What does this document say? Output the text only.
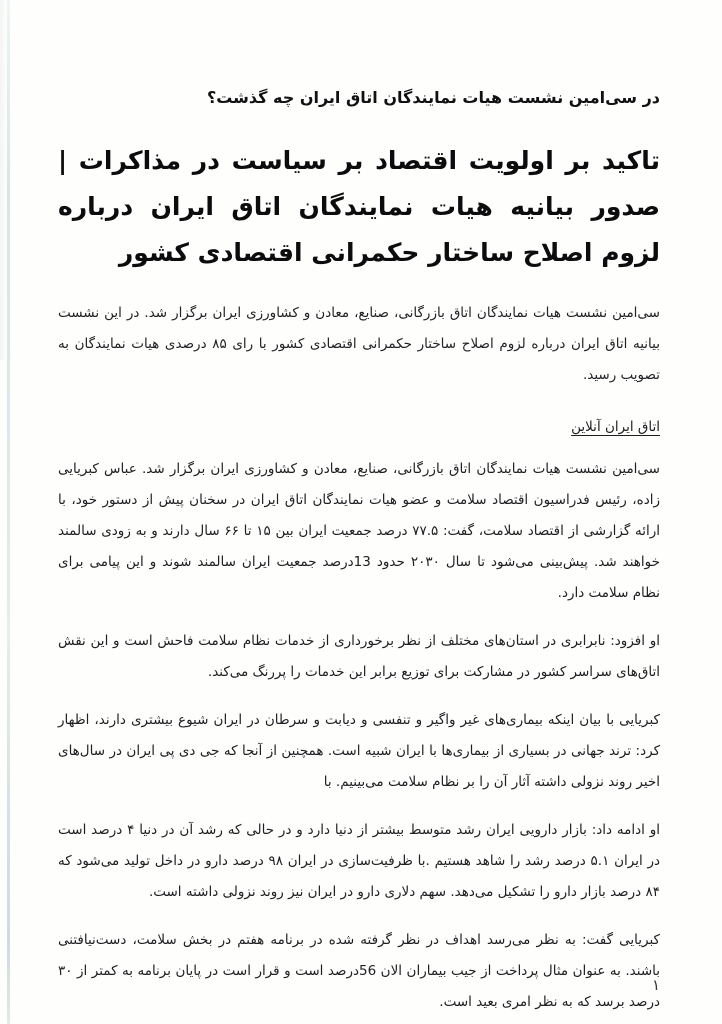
در سی‌امین نشست هیات نمایندگان اتاق ایران چه گذشت؟
تاکید بر اولویت اقتصاد بر سیاست در مذاکرات | صدور بیانیه هیات نمایندگان اتاق ایران درباره لزوم اصلاح ساختار حکمرانی اقتصادی کشور

سی‌امین نشست هیات نمایندگان اتاق بازرگانی، صنایع، معادن و کشاورزی ایران برگزار شد. در این نشست بیانیه اتاق ایران درباره لزوم اصلاح ساختار حکمرانی اقتصادی کشور با رای ۸۵ درصدی هیات نمایندگان به تصویب رسید.

اتاق ایران آنلاین

سی‌امین نشست هیات نمایندگان اتاق بازرگانی، صنایع، معادن و کشاورزی ایران برگزار شد. عباس کبریایی زاده، رئیس فدراسیون اقتصاد سلامت و عضو هیات نمایندگان اتاق ایران در سخنان پیش از دستور خود، با ارائه گزارشی از اقتصاد سلامت، گفت: ۷۷.۵ درصد جمعیت ایران بین ۱۵ تا ۶۶ سال دارند و به زودی سالمند خواهند شد. پیش‌بینی می‌شود تا سال ۲۰۳۰ حدود 13درصد جمعیت ایران سالمند شوند و این پیامی برای نظام سلامت دارد.

او افزود: نابرابری در استان‌های مختلف از نظر برخورداری از خدمات نظام سلامت فاحش است و این نقش اتاق‌های سراسر کشور در مشارکت برای توزیع برابر این خدمات را پررنگ می‌کند.

کبریایی با بیان اینکه بیماری‌های غیر واگیر و تنفسی و دیابت و سرطان در ایران شیوع بیشتری دارند، اظهار کرد: ترند جهانی در بسیاری از بیماری‌ها با ایران شبیه است. همچنین از آنجا که جی دی پی ایران در سال‌های اخیر روند نزولی داشته آثار آن را بر نظام سلامت می‌بینیم. با

او ادامه داد: بازار دارویی ایران رشد متوسط بیشتر از دنیا دارد و در حالی که رشد آن در دنیا ۴ درصد است در ایران ۵.۱ درصد رشد را شاهد هستیم .با ظرفیت‌سازی در ایران ۹۸ درصد دارو در داخل تولید می‌شود که ۸۴ درصد بازار دارو را تشکیل می‌دهد. سهم دلاری دارو در ایران نیز روند نزولی داشته است.

کبریایی گفت: به نظر می‌رسد اهداف در نظر گرفته شده در برنامه هفتم در بخش سلامت، دست‌نیافتنی باشند. به عنوان مثال پرداخت از جیب بیماران الان 56درصد است و قرار است در پایان برنامه به کمتر از ۳۰ درصد برسد که به نظر امری بعید است.

۱
